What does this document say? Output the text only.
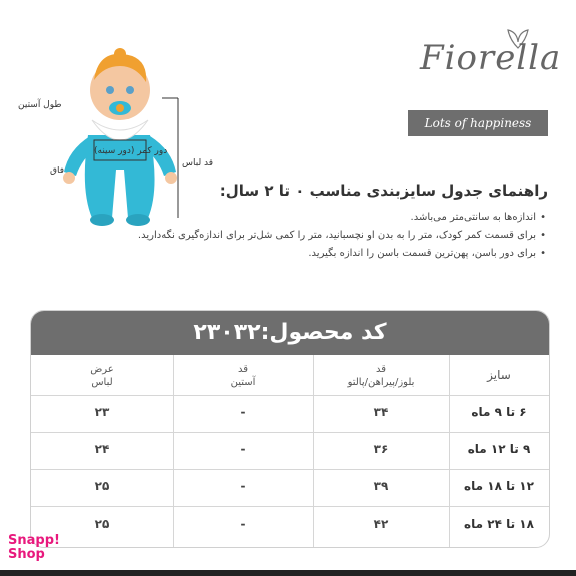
طول آستین
دور کمر (دور سینه)
فاق
قد لباس
Fiorella
Lots of happiness
راهنمای جدول سایزبندی مناسب ۰ تا ۲ سال:
اندازه‌ها به سانتی‌متر می‌باشد. •
برای قسمت کمر کودک، متر را به بدن او نچسبانید، متر را کمی شل‌تر برای اندازه‌گیری نگه‌دارید. •
برای دور باسن، پهن‌ترین قسمت باسن را اندازه بگیرید. •
کد محصول:۲۳۰۳۲
سایز
قد
بلوز/پیراهن/پالتو
قد
آستین
عرض
لباس
۶ تا ۹ ماه
۳۴
-
۲۳
۹ تا ۱۲ ماه
۳۶
-
۲۴
۱۲ تا ۱۸ ماه
۳۹
-
۲۵
۱۸ تا ۲۴ ماه
۴۲
-
۲۵
Snapp!
Shop
